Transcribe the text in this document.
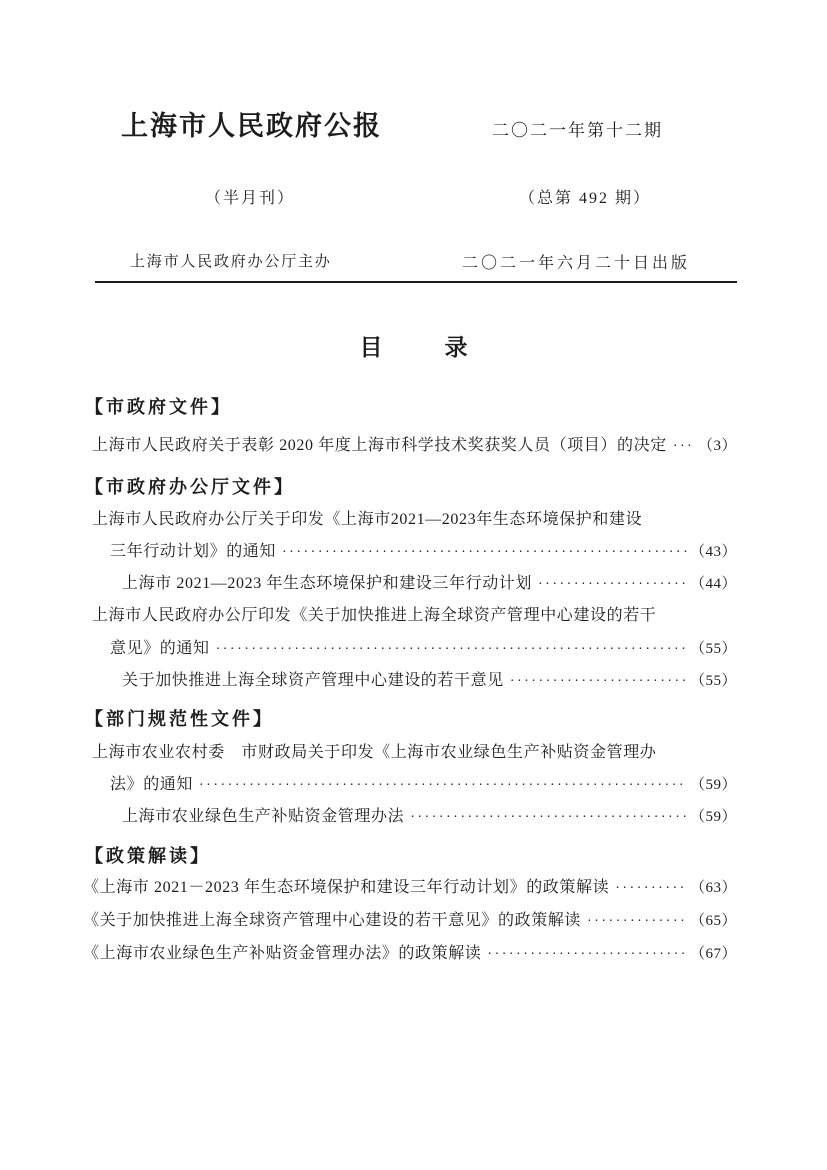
上海市人民政府公报	二〇二一年第十二期
（半月刊）	（总第 492 期）
上海市人民政府办公厅主办	二〇二一年六月二十日出版
目	录
【市政府文件】
上海市人民政府关于表彰 2020 年度上海市科学技术奖获奖人员（项目）的决定 ····· （3）
【市政府办公厅文件】
上海市人民政府办公厅关于印发《上海市2021—2023年生态环境保护和建设
三年行动计划》的通知 ·····	（43）
上海市 2021—2023 年生态环境保护和建设三年行动计划 ·····	（44）
上海市人民政府办公厅印发《关于加快推进上海全球资产管理中心建设的若干
意见》的通知 ·····	（55）
关于加快推进上海全球资产管理中心建设的若干意见 ·····	（55）
【部门规范性文件】
上海市农业农村委　市财政局关于印发《上海市农业绿色生产补贴资金管理办
法》的通知 ·····	（59）
上海市农业绿色生产补贴资金管理办法 ·····	（59）
【政策解读】
《上海市 2021－2023 年生态环境保护和建设三年行动计划》的政策解读 ·····	（63）
《关于加快推进上海全球资产管理中心建设的若干意见》的政策解读 ·····	（65）
《上海市农业绿色生产补贴资金管理办法》的政策解读 ·····	（67）
